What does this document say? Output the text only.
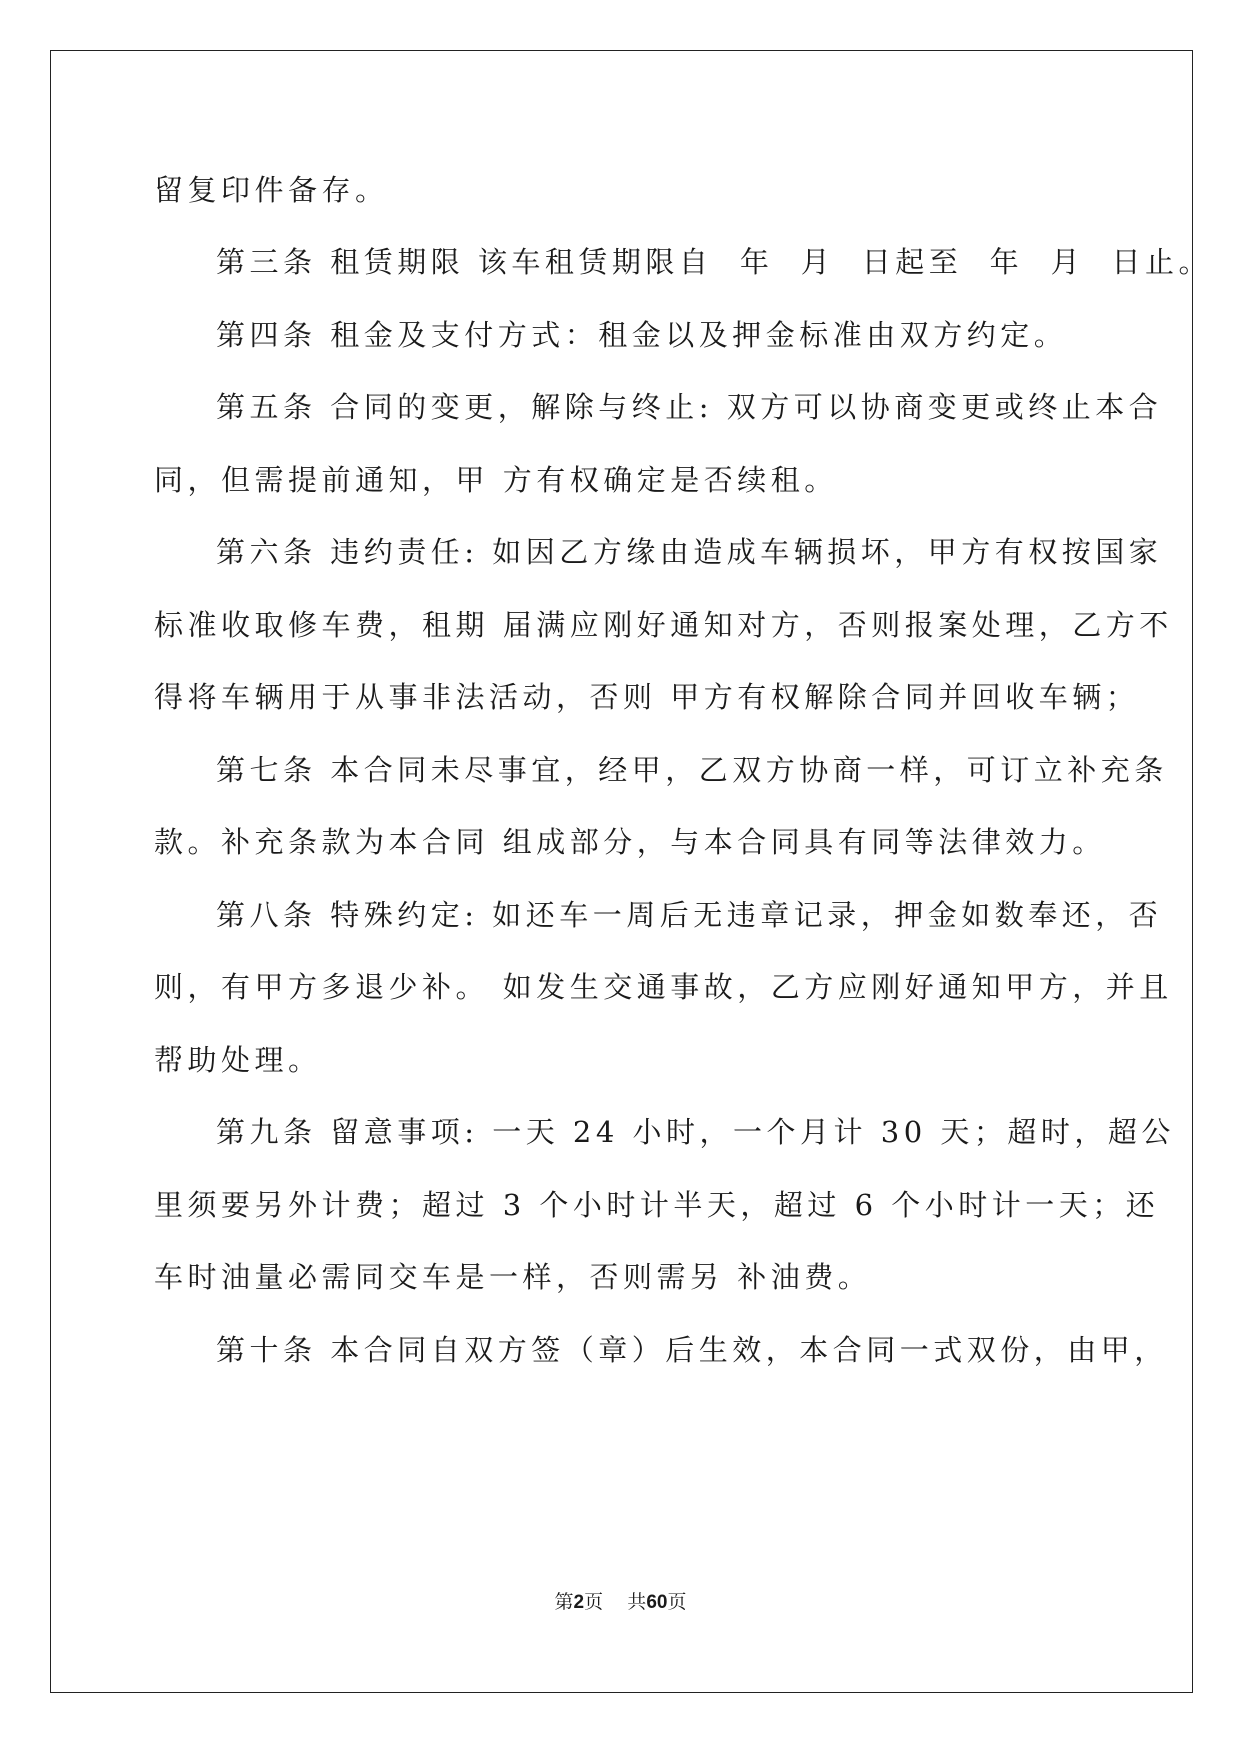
留复印件备存。
第三条 租赁期限 该车租赁期限自  年  月  日起至  年  月  日止。
第四条 租金及支付方式：租金以及押金标准由双方约定。
第五条 合同的变更，解除与终止: 双方可以协商变更或终止本合
同，但需提前通知，甲 方有权确定是否续租。
第六条 违约责任: 如因乙方缘由造成车辆损坏，甲方有权按国家
标准收取修车费，租期 届满应刚好通知对方，否则报案处理，乙方不
得将车辆用于从事非法活动，否则 甲方有权解除合同并回收车辆；
第七条 本合同未尽事宜，经甲，乙双方协商一样，可订立补充条
款。补充条款为本合同 组成部分，与本合同具有同等法律效力。
第八条 特殊约定: 如还车一周后无违章记录，押金如数奉还，否
则，有甲方多退少补。 如发生交通事故，乙方应刚好通知甲方，并且
帮助处理。
第九条 留意事项: 一天 24 小时，一个月计 30 天；超时，超公
里须要另外计费；超过 3 个小时计半天，超过 6 个小时计一天；还
车时油量必需同交车是一样，否则需另 补油费。
第十条 本合同自双方签（章）后生效，本合同一式双份，由甲，
第2页 共60页
